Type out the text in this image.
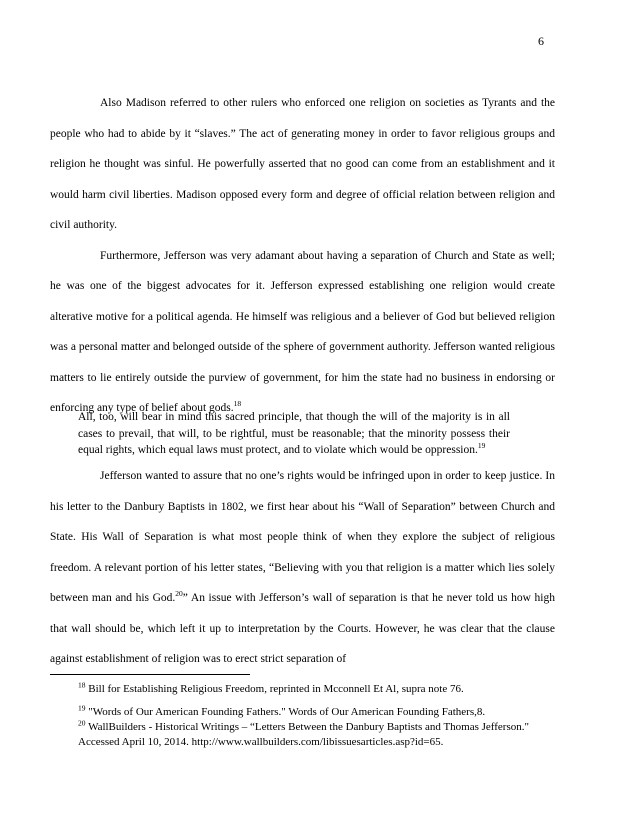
6

Also Madison referred to other rulers who enforced one religion on societies as Tyrants and the people who had to abide by it “slaves.” The act of generating money in order to favor religious groups and religion he thought was sinful. He powerfully asserted that no good can come from an establishment and it would harm civil liberties. Madison opposed every form and degree of official relation between religion and civil authority.

Furthermore, Jefferson was very adamant about having a separation of Church and State as well; he was one of the biggest advocates for it. Jefferson expressed establishing one religion would create alterative motive for a political agenda. He himself was religious and a believer of God but believed religion was a personal matter and belonged outside of the sphere of government authority. Jefferson wanted religious matters to lie entirely outside the purview of government, for him the state had no business in endorsing or enforcing any type of belief about gods.$^{18}$

All, too, will bear in mind this sacred principle, that though the will of the majority is in all cases to prevail, that will, to be rightful, must be reasonable; that the minority possess their equal rights, which equal laws must protect, and to violate which would be oppression.$^{19}$

Jefferson wanted to assure that no one’s rights would be infringed upon in order to keep justice. In his letter to the Danbury Baptists in 1802, we first hear about his “Wall of Separation” between Church and State. His Wall of Separation is what most people think of when they explore the subject of religious freedom. A relevant portion of his letter states, “Believing with you that religion is a matter which lies solely between man and his God.$^{20}$” An issue with Jefferson’s wall of separation is that he never told us how high that wall should be, which left it up to interpretation by the Courts. However, he was clear that the clause against establishment of religion was to erect strict separation of

$^{18}$ Bill for Establishing Religious Freedom, reprinted in Mcconnell Et Al, supra note 76.
$^{19}$ "Words of Our American Founding Fathers." Words of Our American Founding Fathers,8.
$^{20}$ WallBuilders - Historical Writings – “Letters Between the Danbury Baptists and Thomas Jefferson." Accessed April 10, 2014. http://www.wallbuilders.com/libissuesarticles.asp?id=65.
